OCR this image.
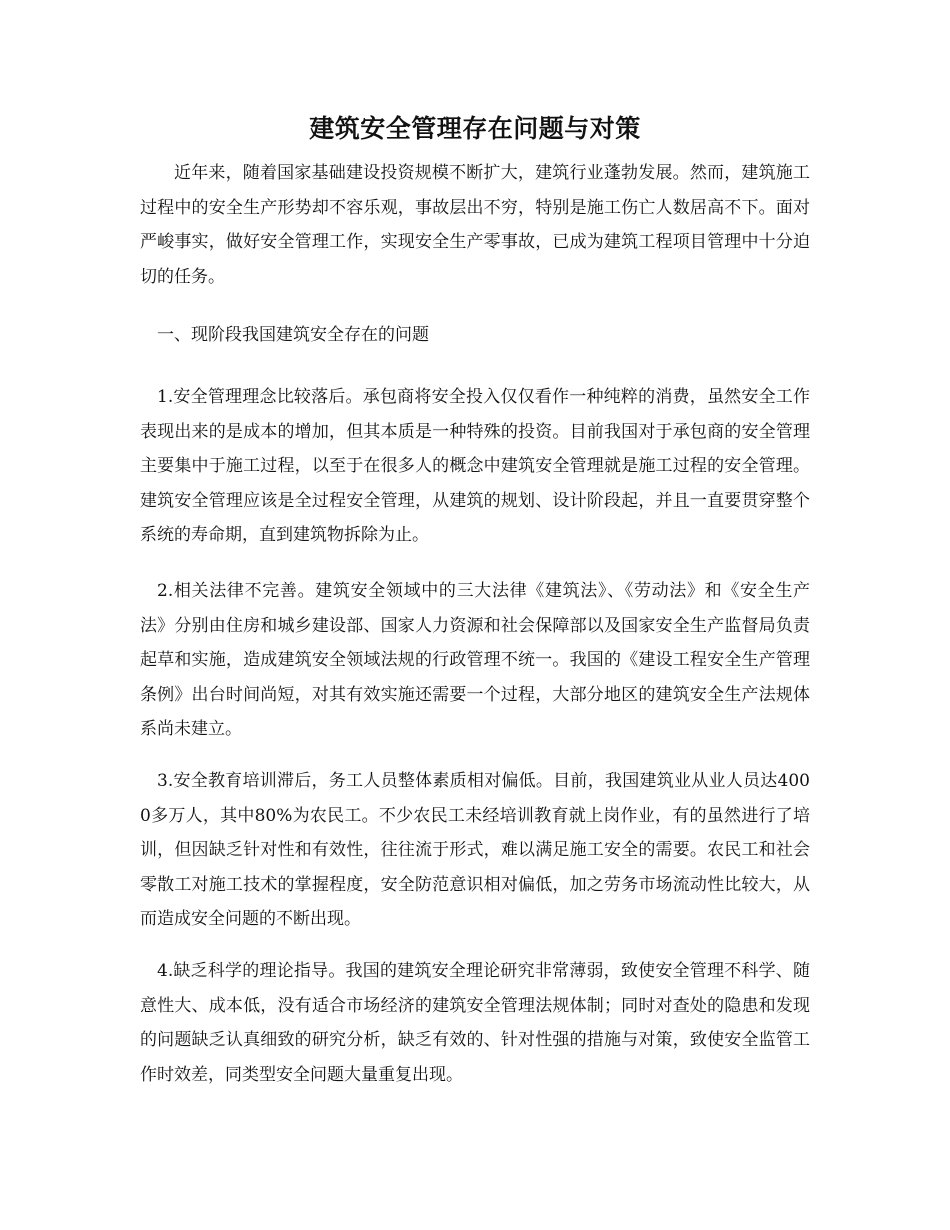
建筑安全管理存在问题与对策

近年来，随着国家基础建设投资规模不断扩大，建筑行业蓬勃发展。然而，建筑施工过程中的安全生产形势却不容乐观，事故层出不穷，特别是施工伤亡人数居高不下。面对严峻事实，做好安全管理工作，实现安全生产零事故，已成为建筑工程项目管理中十分迫切的任务。

一、现阶段我国建筑安全存在的问题

1.安全管理理念比较落后。承包商将安全投入仅仅看作一种纯粹的消费，虽然安全工作表现出来的是成本的增加，但其本质是一种特殊的投资。目前我国对于承包商的安全管理主要集中于施工过程，以至于在很多人的概念中建筑安全管理就是施工过程的安全管理。建筑安全管理应该是全过程安全管理，从建筑的规划、设计阶段起，并且一直要贯穿整个系统的寿命期，直到建筑物拆除为止。

2.相关法律不完善。建筑安全领域中的三大法律《建筑法》、《劳动法》和《安全生产法》分别由住房和城乡建设部、国家人力资源和社会保障部以及国家安全生产监督局负责起草和实施，造成建筑安全领域法规的行政管理不统一。我国的《建设工程安全生产管理条例》出台时间尚短，对其有效实施还需要一个过程，大部分地区的建筑安全生产法规体系尚未建立。

3.安全教育培训滞后，务工人员整体素质相对偏低。目前，我国建筑业从业人员达4000多万人，其中80%为农民工。不少农民工未经培训教育就上岗作业，有的虽然进行了培训，但因缺乏针对性和有效性，往往流于形式，难以满足施工安全的需要。农民工和社会零散工对施工技术的掌握程度，安全防范意识相对偏低，加之劳务市场流动性比较大，从而造成安全问题的不断出现。

4.缺乏科学的理论指导。我国的建筑安全理论研究非常薄弱，致使安全管理不科学、随意性大、成本低，没有适合市场经济的建筑安全管理法规体制；同时对查处的隐患和发现的问题缺乏认真细致的研究分析，缺乏有效的、针对性强的措施与对策，致使安全监管工作时效差，同类型安全问题大量重复出现。
